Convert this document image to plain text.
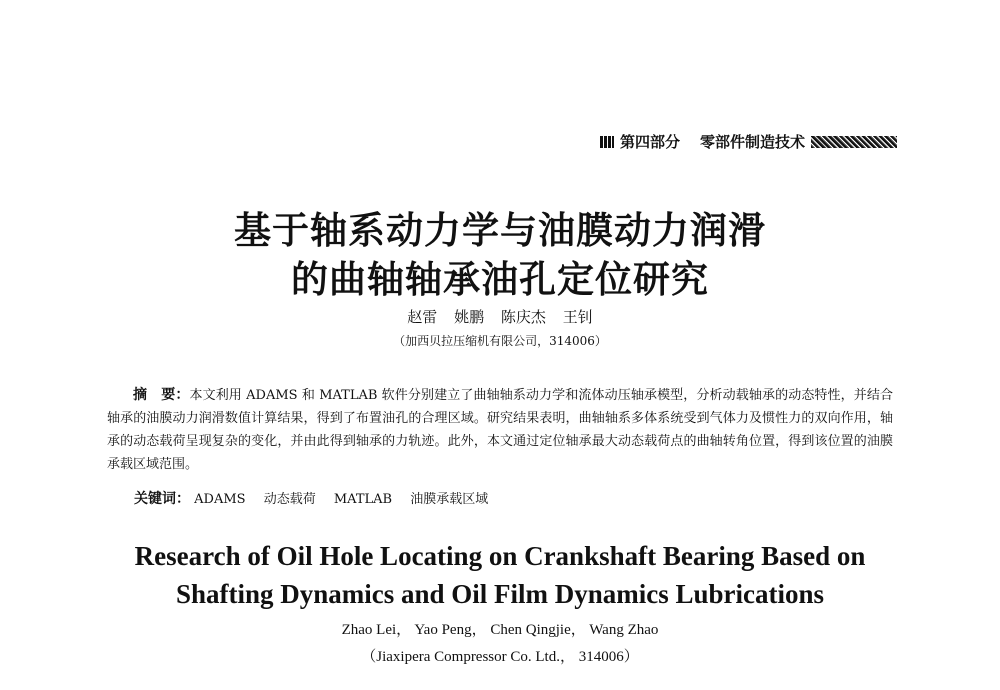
第四部分 零部件制造技术
基于轴系动力学与油膜动力润滑
的曲轴轴承油孔定位研究
赵雷 姚鹏 陈庆杰 王钊
（加西贝拉压缩机有限公司，314006）

摘　要：本文利用 ADAMS 和 MATLAB 软件分别建立了曲轴轴系动力学和流体动压轴承模型，分析动载轴承的动态特性，并结合轴承的油膜动力润滑数值计算结果，得到了布置油孔的合理区域。研究结果表明，曲轴轴系多体系统受到气体力及惯性力的双向作用，轴承的动态载荷呈现复杂的变化，并由此得到轴承的力轨迹。此外，本文通过定位轴承最大动态载荷点的曲轴转角位置，得到该位置的油膜承载区域范围。

关键词： ADAMS 动态载荷 MATLAB 油膜承载区域
Research of Oil Hole Locating on Crankshaft Bearing Based on
Shafting Dynamics and Oil Film Dynamics Lubrications
Zhao Lei， Yao Peng， Chen Qingjie， Wang Zhao
（Jiaxipera Compressor Co. Ltd.， 314006）
